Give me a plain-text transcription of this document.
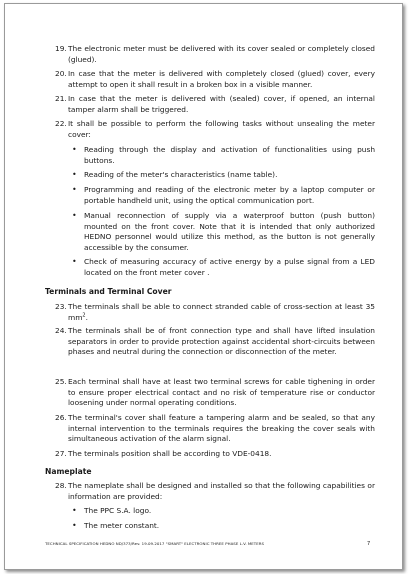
19. The electronic meter must be delivered with its cover sealed or completely closed (glued).
20. In case that the meter is delivered with completely closed (glued) cover, every attempt to open it shall result in a broken box in a visible manner.
21. In case that the meter is delivered with (sealed) cover, if opened, an internal tamper alarm shall be triggered.
22. It shall be possible to perform the following tasks without unsealing the meter cover:
• Reading through the display and activation of functionalities using push buttons.
• Reading of the meter's characteristics (name table).
• Programming and reading of the electronic meter by a laptop computer or portable handheld unit, using the optical communication port.
• Manual reconnection of supply via a waterproof button (push button) mounted on the front cover. Note that it is intended that only authorized HEDNO personnel would utilize this method, as the button is not generally accessible by the consumer.
• Check of measuring accuracy of active energy by a pulse signal from a LED located on the front meter cover .
Terminals and Terminal Cover
23. The terminals shall be able to connect stranded cable of cross-section at least 35 $mm^2$.
24. The terminals shall be of front connection type and shall have lifted insulation separators in order to provide protection against accidental short-circuits between phases and neutral during the connection or disconnection of the meter.
25. Each terminal shall have at least two terminal screws for cable tighening in order to ensure proper electrical contact and no risk of temperature rise or conductor loosening under normal operating conditions.
26. The terminal's cover shall feature a tampering alarm and be sealed, so that any internal intervention to the terminals requires the breaking the cover seals with simultaneous activation of the alarm signal.
27. The terminals position shall be according to VDE-0418.
Nameplate
28. The nameplate shall be designed and installed so that the following capabilities or information are provided:
• The PPC S.A. logo.
• The meter constant.
TECHNICAL SPECIFICATION HEDNO ND/373/Rev. 19.09.2017 "SMART" ELECTRONIC THREE PHASE L.V. METERS	7
